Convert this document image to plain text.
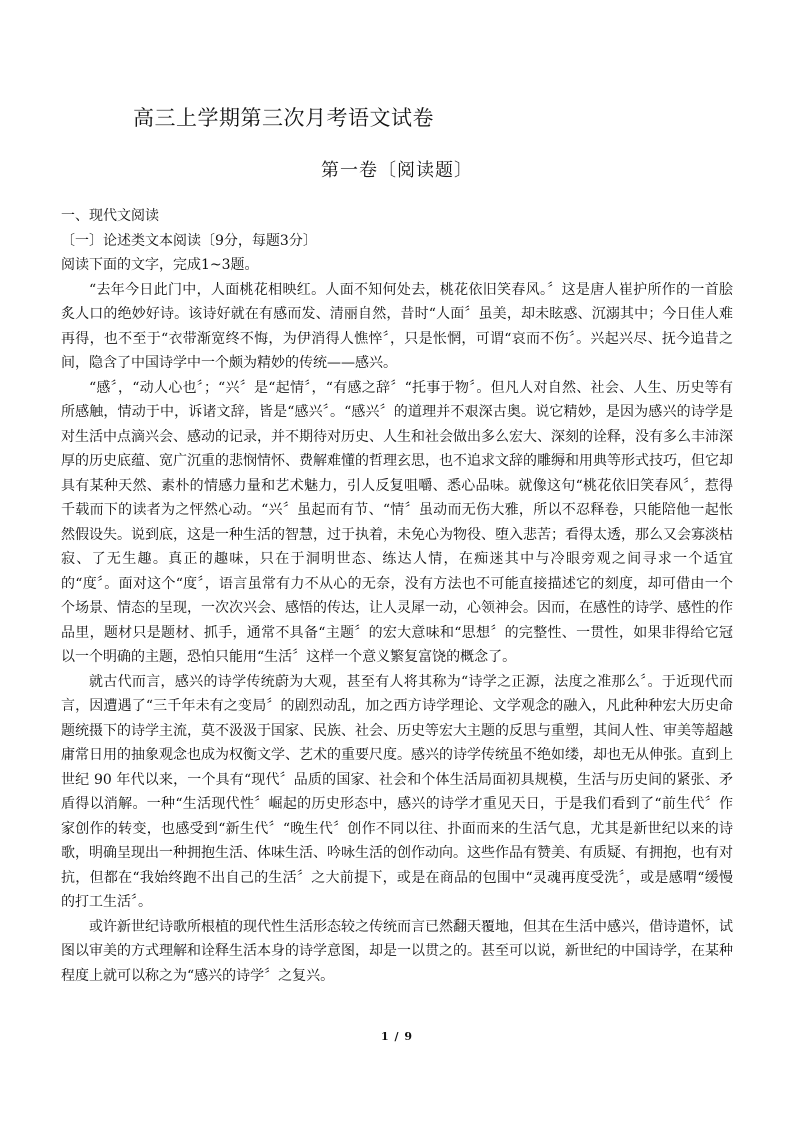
高三上学期第三次月考语文试卷
第一卷〔阅读题〕

一、现代文阅读

〔一〕论述类文本阅读〔9分，每题3分〕

阅读下面的文字，完成1~3题。

“去年今日此门中，人面桃花相映红。人面不知何处去，桃花依旧笑春风。〞这是唐人崔护所作的一首脍炙人口的绝妙好诗。该诗好就在有感而发、清丽自然，昔时“人面〞虽美，却未眩惑、沉溺其中；今日佳人难再得，也不至于“衣带渐宽终不悔，为伊消得人憔悴〞，只是怅惘，可谓“哀而不伤〞。兴起兴尽、抚今追昔之间，隐含了中国诗学中一个颇为精妙的传统——感兴。

“感〞，“动人心也〞；“兴〞是“起情〞，“有感之辞〞“托事于物〞。但凡人对自然、社会、人生、历史等有所感触，情动于中，诉诸文辞，皆是“感兴〞。“感兴〞的道理并不艰深古奥。说它精妙，是因为感兴的诗学是对生活中点滴兴会、感动的记录，并不期待对历史、人生和社会做出多么宏大、深刻的诠释，没有多么丰沛深厚的历史底蕴、宽广沉重的悲悯情怀、费解难懂的哲理玄思，也不追求文辞的雕缛和用典等形式技巧，但它却具有某种天然、素朴的情感力量和艺术魅力，引人反复咀嚼、悉心品味。就像这句“桃花依旧笑春风〞，惹得千载而下的读者为之怦然心动。“兴〞虽起而有节、“情〞虽动而无伤大雅，所以不忍释卷，只能陪他一起怅然假设失。说到底，这是一种生活的智慧，过于执着，未免心为物役、堕入悲苦；看得太透，那么又会寡淡枯寂、了无生趣。真正的趣味，只在于洞明世态、练达人情，在痴迷其中与冷眼旁观之间寻求一个适宜的“度〞。面对这个“度〞，语言虽常有力不从心的无奈，没有方法也不可能直接描述它的刻度，却可借由一个个场景、情态的呈现，一次次兴会、感悟的传达，让人灵犀一动，心领神会。因而，在感性的诗学、感性的作品里，题材只是题材、抓手，通常不具备“主题〞的宏大意味和“思想〞的完整性、一贯性，如果非得给它冠以一个明确的主题，恐怕只能用“生活〞这样一个意义繁复富饶的概念了。

就古代而言，感兴的诗学传统蔚为大观，甚至有人将其称为“诗学之正源，法度之准那么〞。于近现代而言，因遭遇了“三千年未有之变局〞的剧烈动乱，加之西方诗学理论、文学观念的融入，凡此种种宏大历史命题统摄下的诗学主流，莫不汲汲于国家、民族、社会、历史等宏大主题的反思与重塑，其间人性、审美等超越庸常日用的抽象观念也成为权衡文学、艺术的重要尺度。感兴的诗学传统虽不绝如缕，却也无从伸张。直到上世纪 90 年代以来，一个具有“现代〞品质的国家、社会和个体生活局面初具规模，生活与历史间的紧张、矛盾得以消解。一种“生活现代性〞崛起的历史形态中，感兴的诗学才重见天日，于是我们看到了“前生代〞作家创作的转变，也感受到“新生代〞“晚生代〞创作不同以往、扑面而来的生活气息，尤其是新世纪以来的诗歌，明确呈现出一种拥抱生活、体味生活、吟咏生活的创作动向。这些作品有赞美、有质疑、有拥抱，也有对抗，但都在“我始终跑不出自己的生活〞之大前提下，或是在商品的包围中“灵魂再度受洗〞，或是感喟“缓慢的打工生活〞。

或许新世纪诗歌所根植的现代性生活形态较之传统而言已然翻天覆地，但其在生活中感兴，借诗遣怀，试图以审美的方式理解和诠释生活本身的诗学意图，却是一以贯之的。甚至可以说，新世纪的中国诗学，在某种程度上就可以称之为“感兴的诗学〞之复兴。

1 / 9
